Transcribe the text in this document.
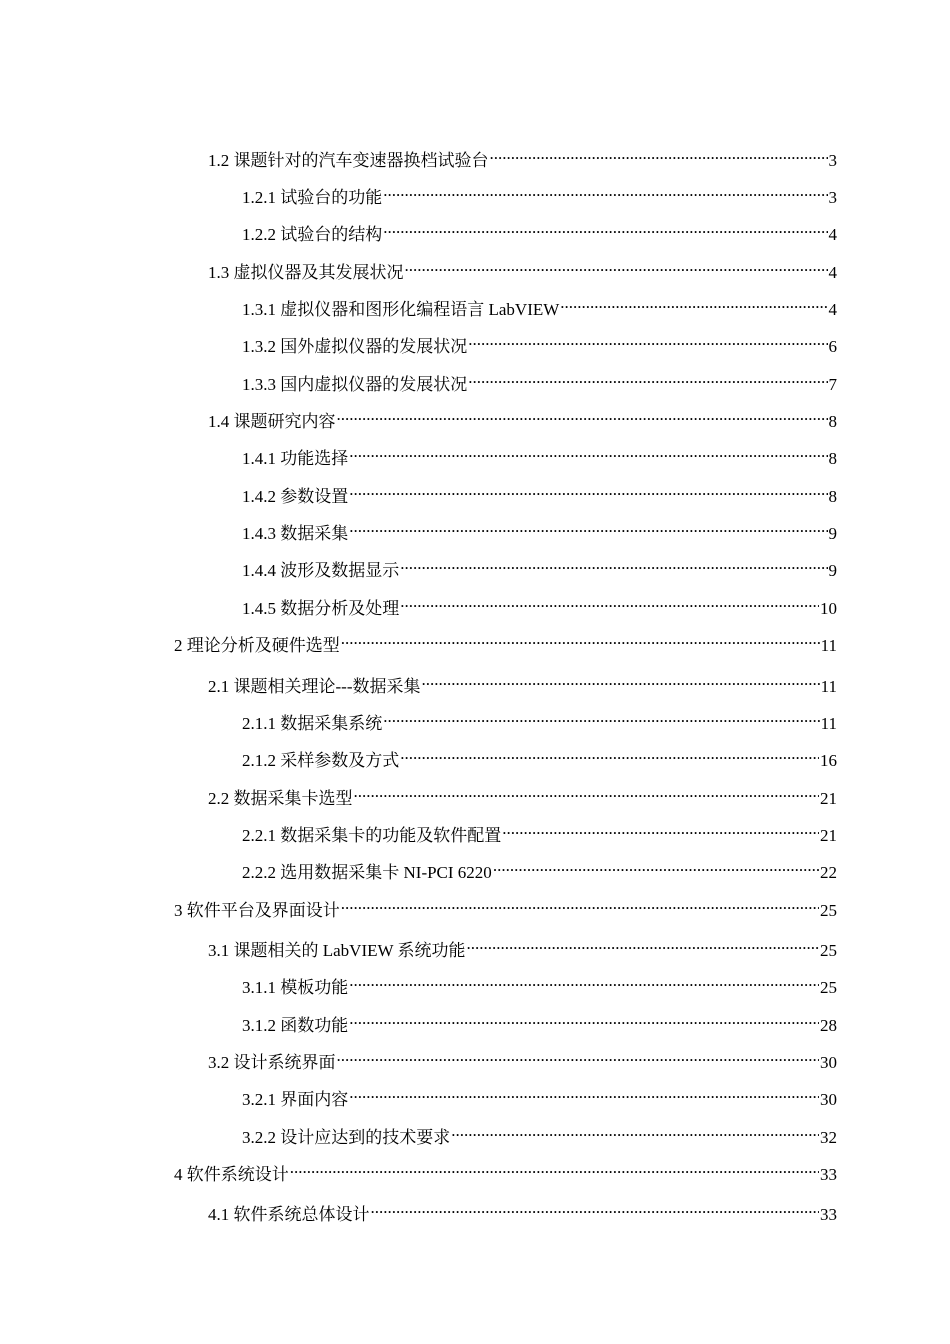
1.2 课题针对的汽车变速器换档试验台 .....	3
1.2.1 试验台的功能 .....	3
1.2.2 试验台的结构 .....	4
1.3 虚拟仪器及其发展状况 .....	4
1.3.1 虚拟仪器和图形化编程语言 LabVIEW .....	4
1.3.2 国外虚拟仪器的发展状况 .....	6
1.3.3 国内虚拟仪器的发展状况 .....	7
1.4 课题研究内容 .....	8
1.4.1 功能选择 .....	8
1.4.2 参数设置 .....	8
1.4.3 数据采集 .....	9
1.4.4 波形及数据显示 .....	9
1.4.5 数据分析及处理 .....	10
2 理论分析及硬件选型 .....	11
2.1 课题相关理论---数据采集 .....	11
2.1.1 数据采集系统 .....	11
2.1.2 采样参数及方式 .....	16
2.2 数据采集卡选型 .....	21
2.2.1 数据采集卡的功能及软件配置 .....	21
2.2.2 选用数据采集卡 NI-PCI 6220 .....	22
3 软件平台及界面设计 .....	25
3.1 课题相关的 LabVIEW 系统功能 .....	25
3.1.1 模板功能 .....	25
3.1.2 函数功能 .....	28
3.2 设计系统界面 .....	30
3.2.1 界面内容 .....	30
3.2.2 设计应达到的技术要求 .....	32
4 软件系统设计 .....	33
4.1 软件系统总体设计 .....	33
